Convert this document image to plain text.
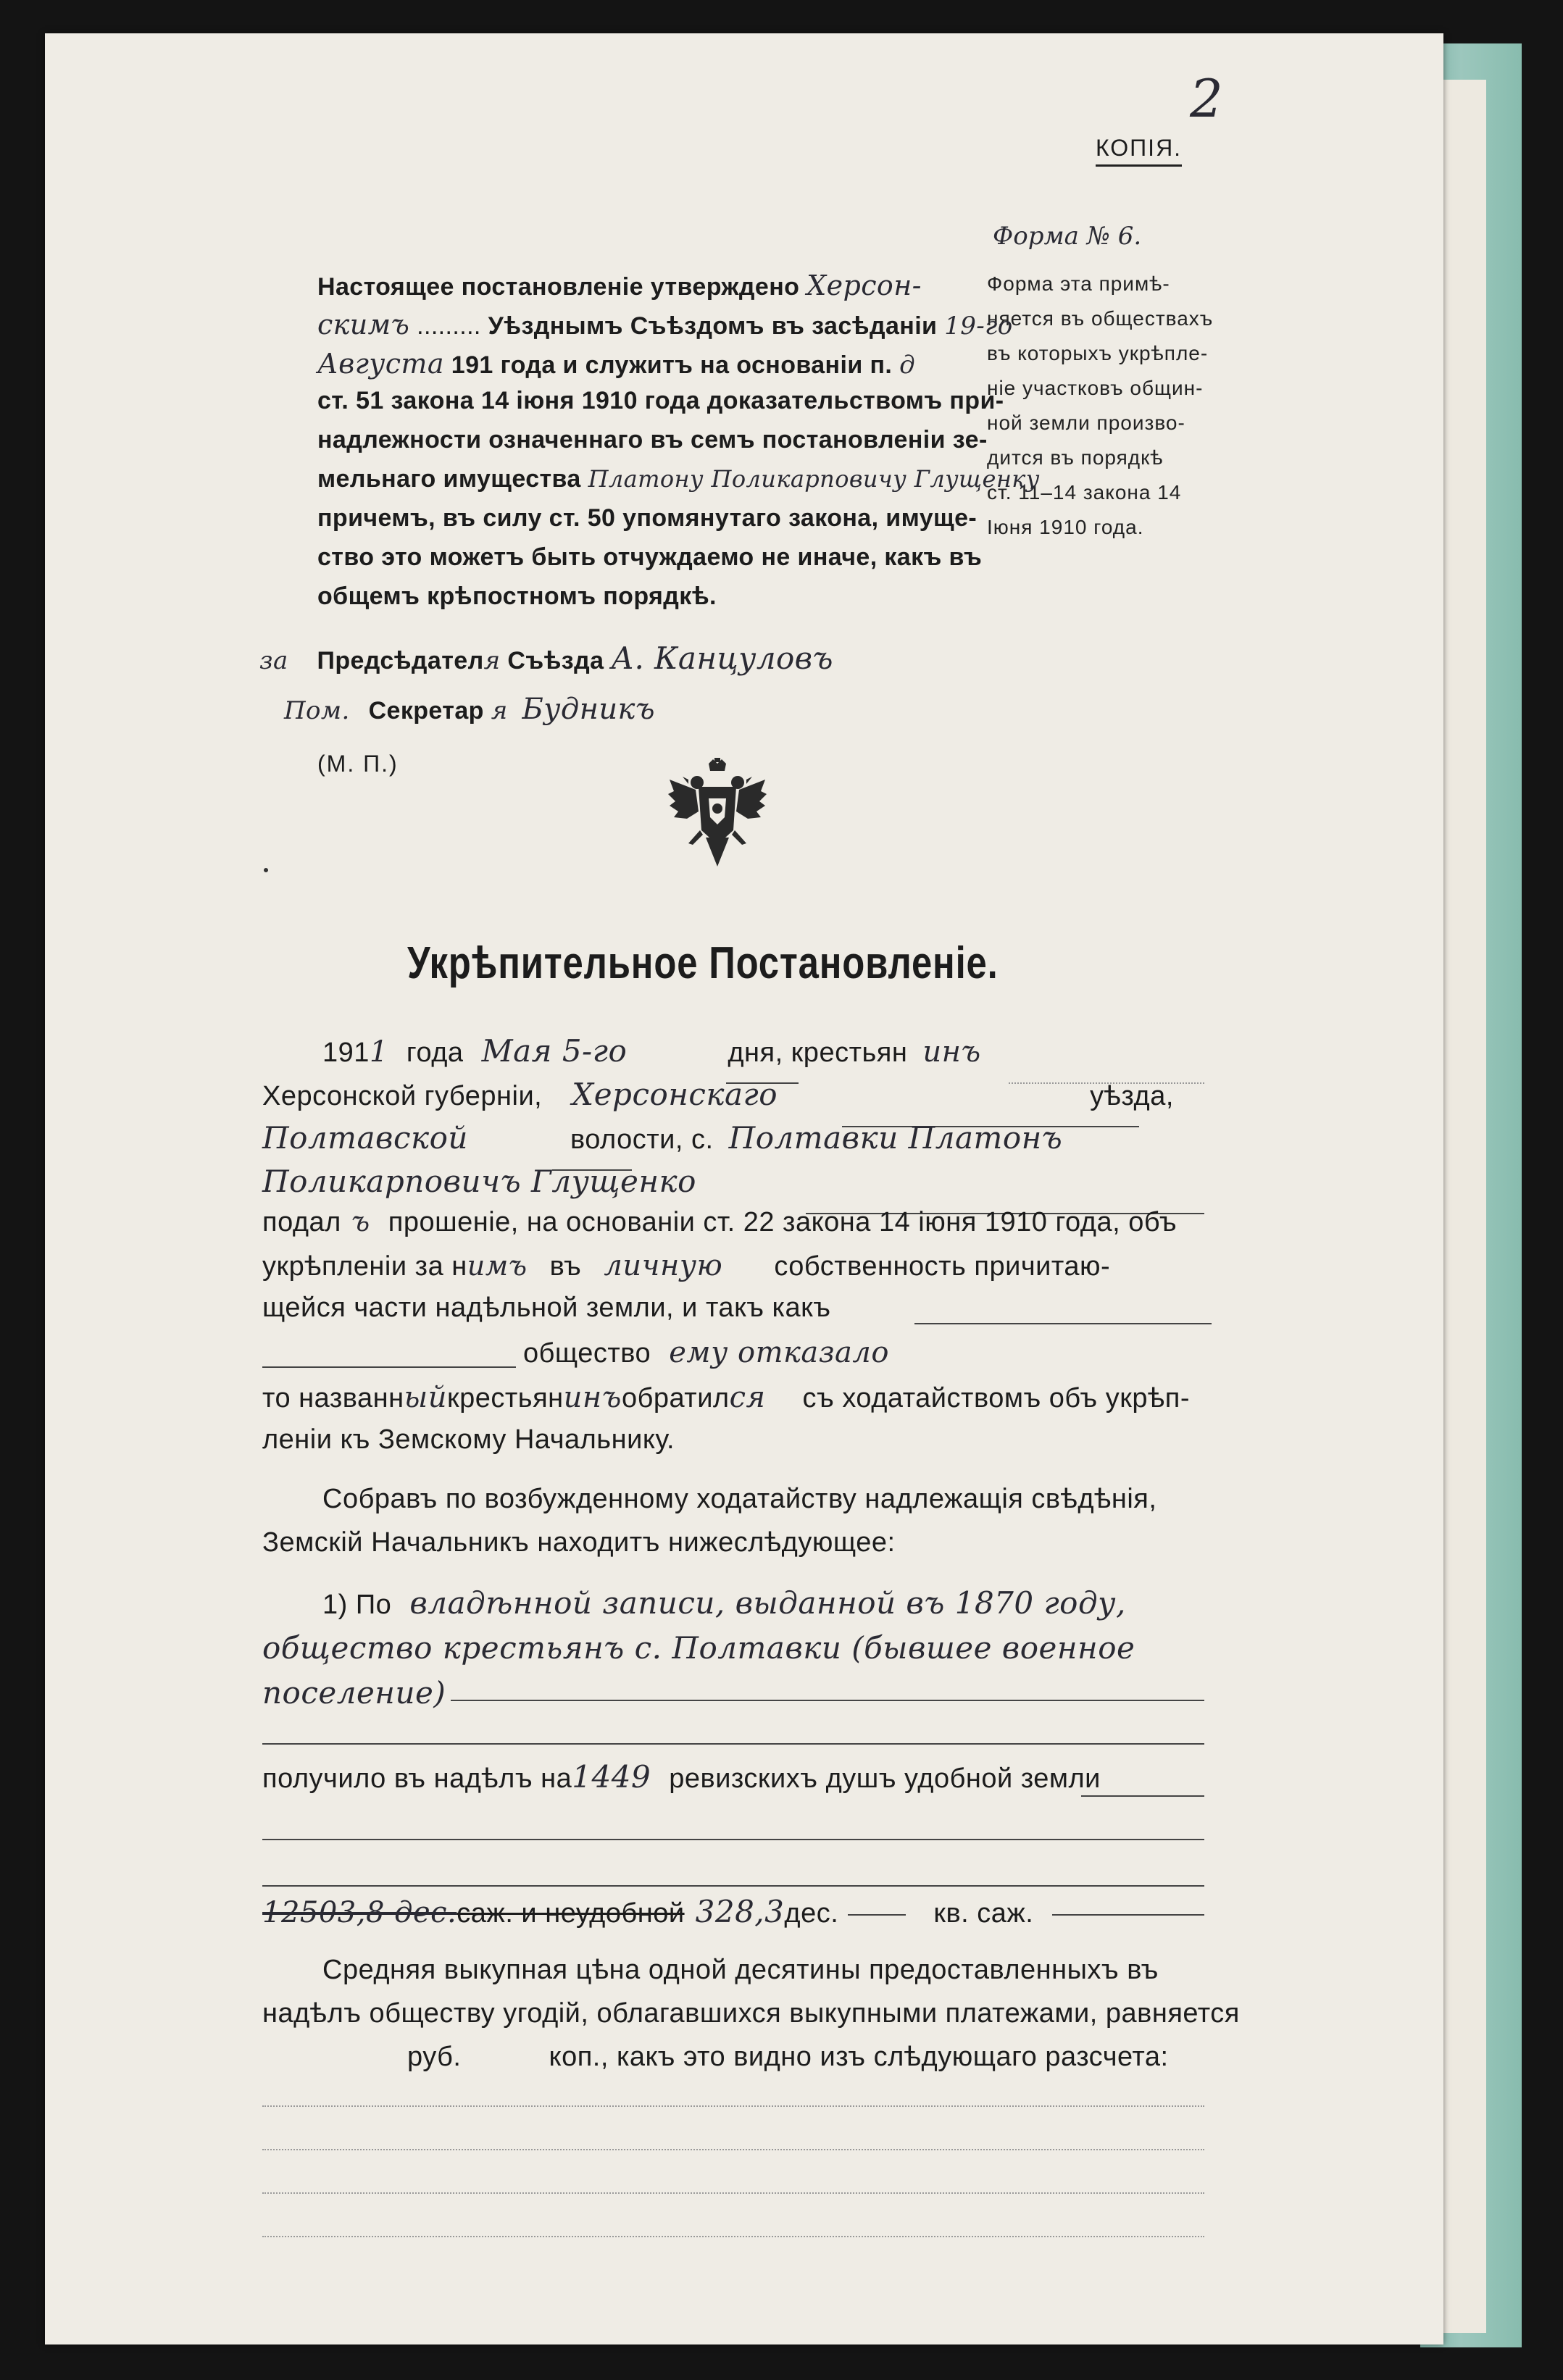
2
КОПІЯ.
Форма № 6.
Форма эта примѣ-
няется въ обществахъ
въ которыхъ укрѣпле-
ніе участковъ общин-
ной земли произво-
дится въ порядкѣ
ст. 11–14 закона 14
Іюня 1910 года.
Настоящее постановленіе утверждено Херсон-
скимъ ......... Уѣзднымъ Съѣздомъ въ засѣданіи 19-го
Августа 191 года и служитъ на основаніи п. д
ст. 51 закона 14 іюня 1910 года доказательствомъ при-
надлежности означеннаго въ семъ постановленіи зе-
мельнаго имущества Платону Поликарповичу Глущенку
причемъ, въ силу ст. 50 упомянутаго закона, имуще-
ство это можетъ быть отчуждаемо не иначе, какъ въ
общемъ крѣпостномъ порядкѣ.
за Предсѣдателя Съѣзда А. Канцуловъ
Пом. Секретар я Будникъ
(М. П.)
Укрѣпительное Постановленіе.
1911 года Мая 5-го	дня, крестьян инъ
Херсонской губерніи, Херсонскаго	уѣзда,
Полтавской	волости, с. Полтавки Платонъ
Поликарповичъ Глущенко
подал ъ прошеніе, на основаніи ст. 22 закона 14 іюня 1910 года, объ
укрѣпленіи за нимъ въ личную собственность причитаю-
щейся части надѣльной земли, и такъ какъ
общество ему отказало
то названныйкрестьянинъобратился съ ходатайствомъ объ укрѣп-
леніи къ Земскому Начальнику.
Собравъ по возбужденному ходатайству надлежащія свѣдѣнія,
Земскій Начальникъ находитъ нижеслѣдующее:
1) По владѣнной записи, выданной въ 1870 году,
общество крестьянъ с. Полтавки (бывшее военное
поселение)
получило въ надѣлъ на1449 ревизскихъ душъ удобной земли
12503,8 дес.саж. и неудобной 328,3дес.	кв. саж.
Средняя выкупная цѣна одной десятины предоставленныхъ въ
надѣлъ обществу угодій, облагавшихся выкупными платежами, равняется
руб.	коп., какъ это видно изъ слѣдующаго разсчета:
